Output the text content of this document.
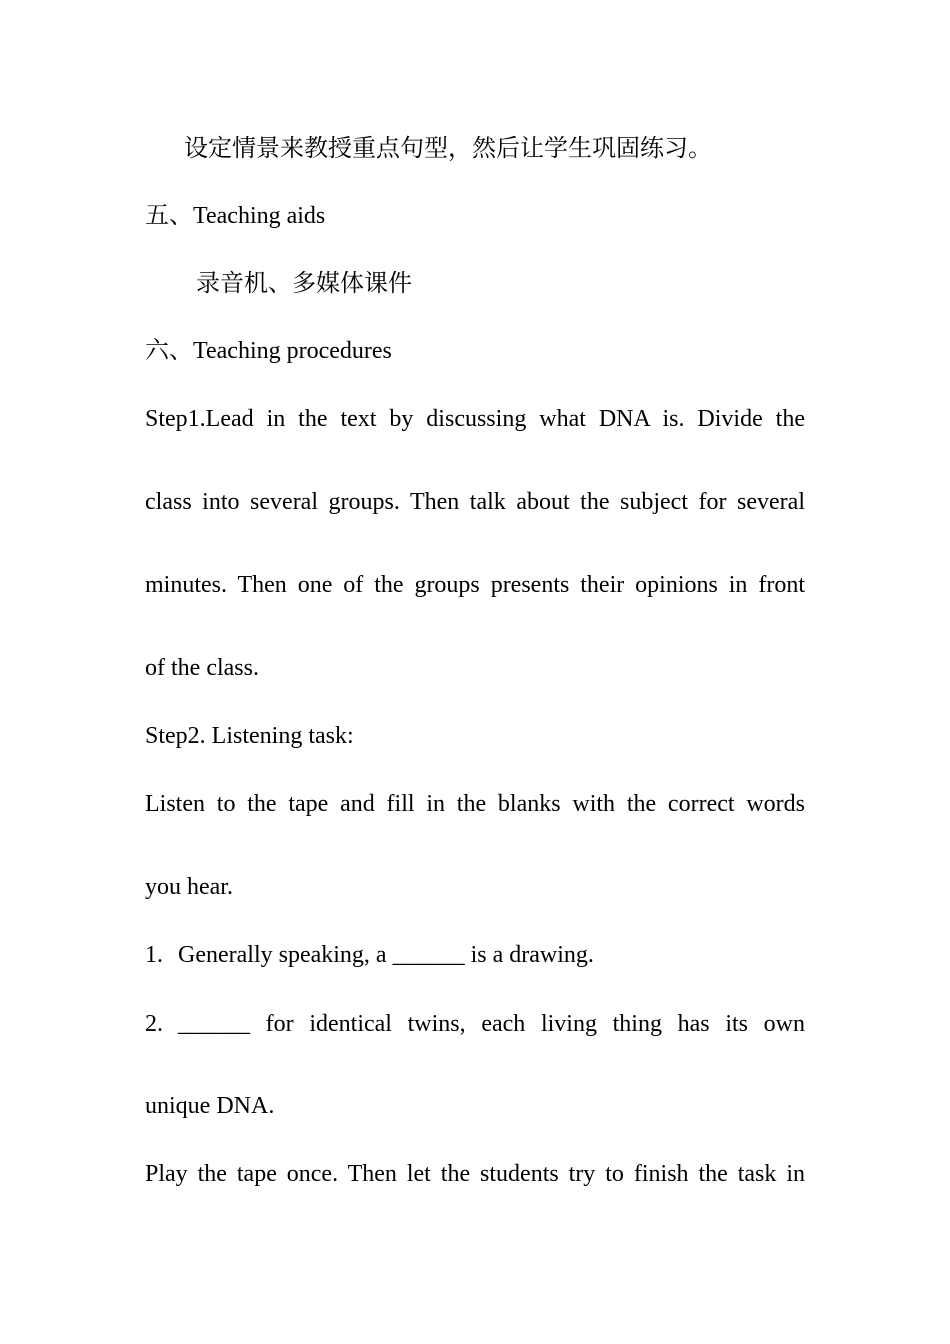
设定情景来教授重点句型，然后让学生巩固练习。
五、Teaching aids
录音机、多媒体课件
六、Teaching procedures
Step1.Lead in the text by discussing what DNA is. Divide the
class into several groups. Then talk about the subject for several
minutes. Then one of the groups presents their opinions in front
of the class.
Step2. Listening task:
Listen to the tape and fill in the blanks with the correct words
you hear.
1. Generally speaking, a ______ is a drawing.
2. ______ for identical twins, each living thing has its own
unique DNA.
Play the tape once. Then let the students try to finish the task in
